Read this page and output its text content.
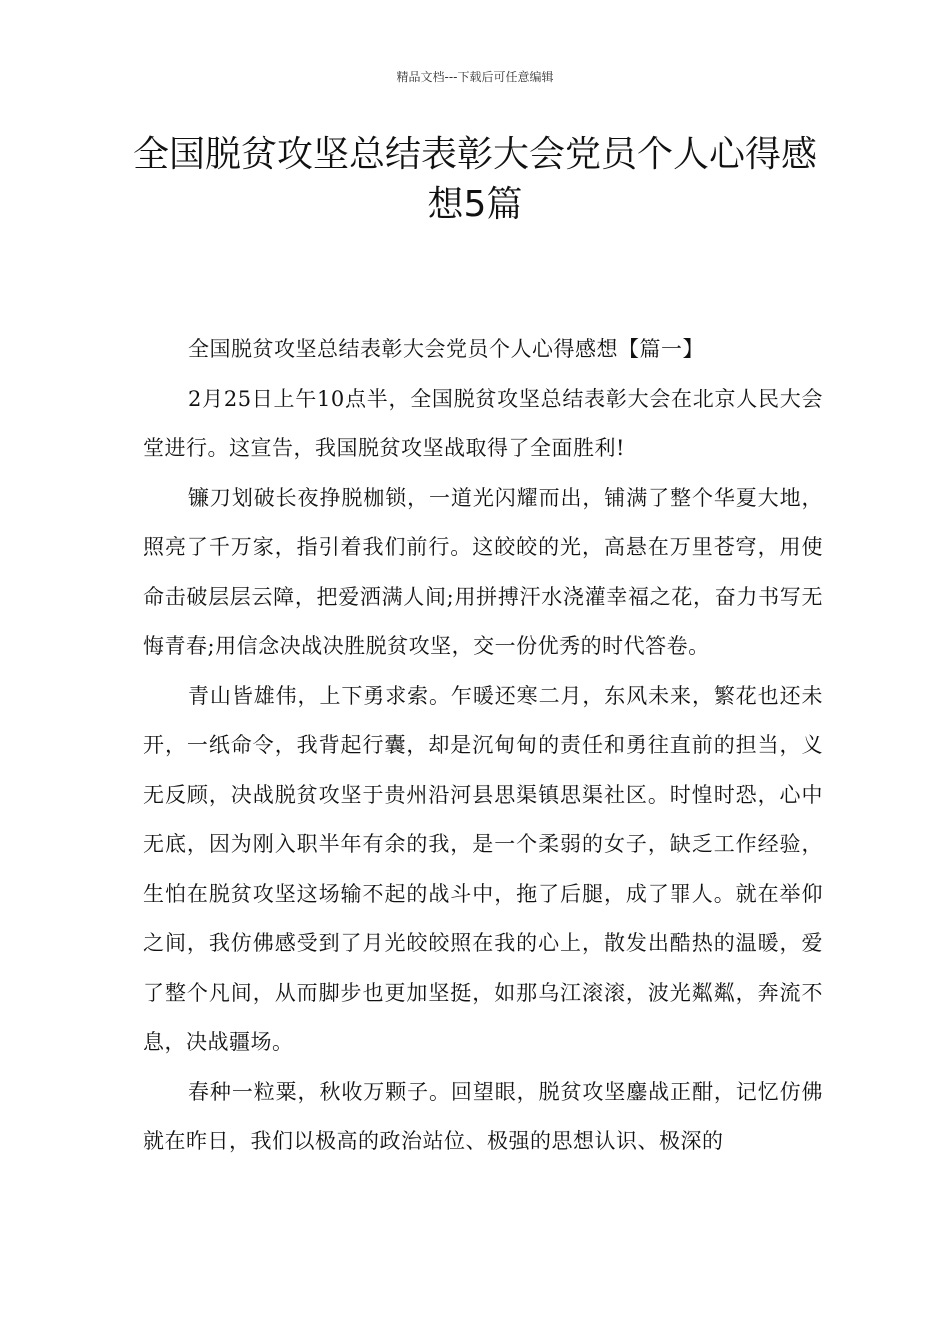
精品文档---下载后可任意编辑
全国脱贫攻坚总结表彰大会党员个人心得感想5篇

全国脱贫攻坚总结表彰大会党员个人心得感想【篇一】

2月25日上午10点半，全国脱贫攻坚总结表彰大会在北京人民大会堂进行。这宣告，我国脱贫攻坚战取得了全面胜利!

镰刀划破长夜挣脱枷锁，一道光闪耀而出，铺满了整个华夏大地，照亮了千万家，指引着我们前行。这皎皎的光，高悬在万里苍穹，用使命击破层层云障，把爱洒满人间;用拼搏汗水浇灌幸福之花，奋力书写无悔青春;用信念决战决胜脱贫攻坚，交一份优秀的时代答卷。

青山皆雄伟，上下勇求索。乍暖还寒二月，东风未来，繁花也还未开，一纸命令，我背起行囊，却是沉甸甸的责任和勇往直前的担当，义无反顾，决战脱贫攻坚于贵州沿河县思渠镇思渠社区。时惶时恐，心中无底，因为刚入职半年有余的我，是一个柔弱的女子，缺乏工作经验，生怕在脱贫攻坚这场输不起的战斗中，拖了后腿，成了罪人。就在举仰之间，我仿佛感受到了月光皎皎照在我的心上，散发出酷热的温暖，爱了整个凡间，从而脚步也更加坚挺，如那乌江滚滚，波光粼粼，奔流不息，决战疆场。

春种一粒粟，秋收万颗子。回望眼，脱贫攻坚鏖战正酣，记忆仿佛就在昨日，我们以极高的政治站位、极强的思想认识、极深的
